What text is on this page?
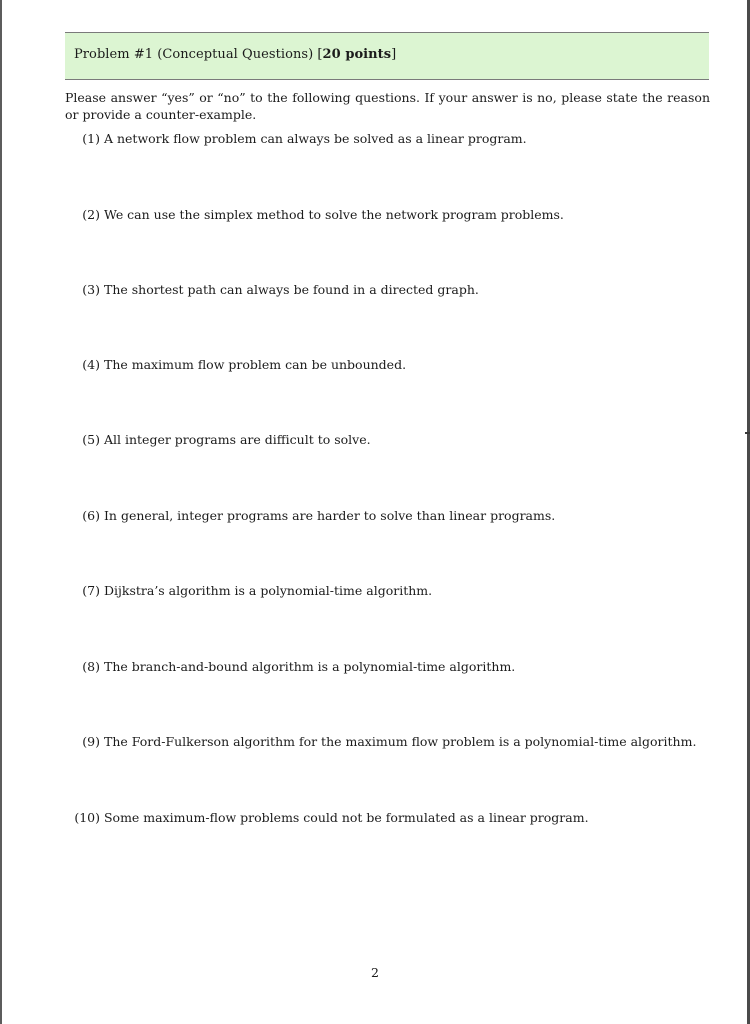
Problem #1 (Conceptual Questions) [20 points]
Please answer “yes” or “no” to the following questions. If your answer is no, please state the reason or provide a counter-example.
(1) A network flow problem can always be solved as a linear program.
(2) We can use the simplex method to solve the network program problems.
(3) The shortest path can always be found in a directed graph.
(4) The maximum flow problem can be unbounded.
(5) All integer programs are difficult to solve.
(6) In general, integer programs are harder to solve than linear programs.
(7) Dijkstra’s algorithm is a polynomial-time algorithm.
(8) The branch-and-bound algorithm is a polynomial-time algorithm.
(9) The Ford-Fulkerson algorithm for the maximum flow problem is a polynomial-time algorithm.
(10) Some maximum-flow problems could not be formulated as a linear program.
2
